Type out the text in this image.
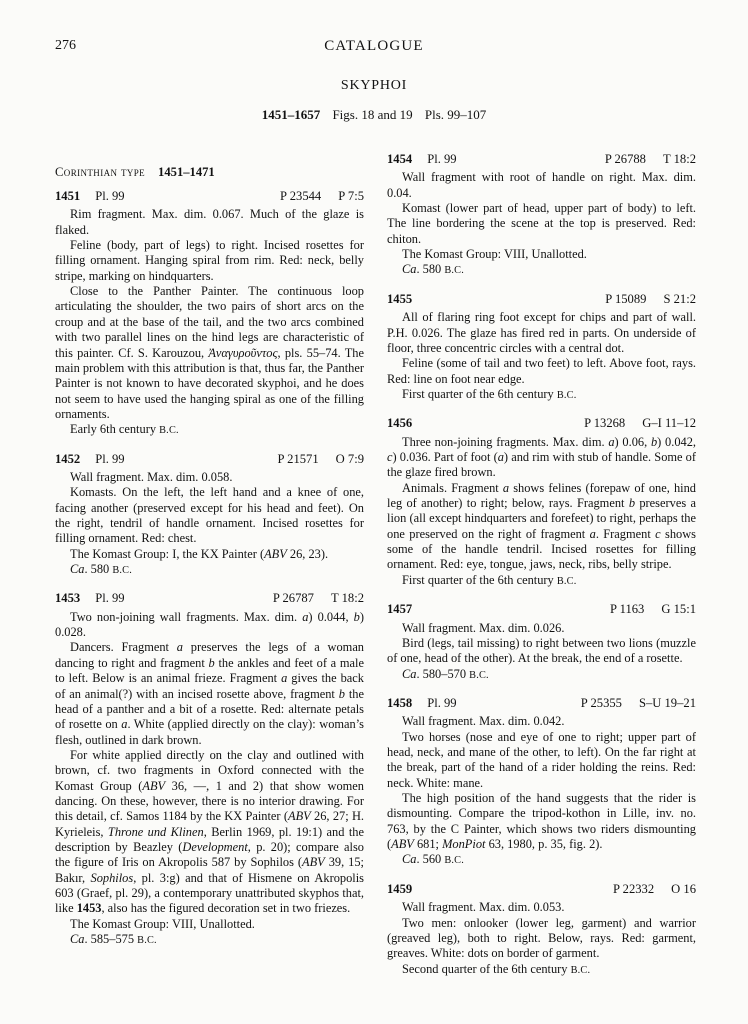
276	CATALOGUE
SKYPHOI
1451–1657 Figs. 18 and 19 Pls. 99–107
Corinthian type 1451–1471
1451 Pl. 99	P 23544 P 7:5

Rim fragment. Max. dim. 0.067. Much of the glaze is flaked.

Feline (body, part of legs) to right. Incised rosettes for filling ornament. Hanging spiral from rim. Red: neck, belly stripe, marking on hindquarters.

Close to the Panther Painter. The continuous loop articulating the shoulder, the two pairs of short arcs on the croup and at the base of the tail, and the two arcs combined with two parallel lines on the hind legs are characteristic of this painter. Cf. S. Karouzou, Ἀναγυροῦντος, pls. 55–74. The main problem with this attribution is that, thus far, the Panther Painter is not known to have decorated skyphoi, and he does not seem to have used the hanging spiral as one of the filling ornaments.

Early 6th century B.C.

1452 Pl. 99	P 21571 O 7:9

Wall fragment. Max. dim. 0.058.

Komasts. On the left, the left hand and a knee of one, facing another (preserved except for his head and feet). On the right, tendril of handle ornament. Incised rosettes for filling ornament. Red: chest.

The Komast Group: I, the KX Painter (ABV 26, 23).

Ca. 580 B.C.

1453 Pl. 99	P 26787 T 18:2

Two non-joining wall fragments. Max. dim. a) 0.044, b) 0.028.

Dancers. Fragment a preserves the legs of a woman dancing to right and fragment b the ankles and feet of a male to left. Below is an animal frieze. Fragment a gives the back of an animal(?) with an incised rosette above, fragment b the head of a panther and a bit of a rosette. Red: alternate petals of rosette on a. White (applied directly on the clay): woman’s flesh, outlined in dark brown.

For white applied directly on the clay and outlined with brown, cf. two fragments in Oxford connected with the Komast Group (ABV 36, —, 1 and 2) that show women dancing. On these, however, there is no interior drawing. For this detail, cf. Samos 1184 by the KX Painter (ABV 26, 27; H. Kyrieleis, Throne und Klinen, Berlin 1969, pl. 19:1) and the description by Beazley (Development, p. 20); compare also the figure of Iris on Akropolis 587 by Sophilos (ABV 39, 15; Bakır, Sophilos, pl. 3:g) and that of Hismene on Akropolis 603 (Graef, pl. 29), a contemporary unattributed skyphos that, like 1453, also has the figured decoration set in two friezes.

The Komast Group: VIII, Unallotted.

Ca. 585–575 B.C.

1454 Pl. 99	P 26788 T 18:2

Wall fragment with root of handle on right. Max. dim. 0.04.

Komast (lower part of head, upper part of body) to left. The line bordering the scene at the top is preserved. Red: chiton.

The Komast Group: VIII, Unallotted.

Ca. 580 B.C.

1455	P 15089 S 21:2

All of flaring ring foot except for chips and part of wall. P.H. 0.026. The glaze has fired red in parts. On underside of floor, three concentric circles with a central dot.

Feline (some of tail and two feet) to left. Above foot, rays. Red: line on foot near edge.

First quarter of the 6th century B.C.

1456	P 13268 G–I 11–12

Three non-joining fragments. Max. dim. a) 0.06, b) 0.042, c) 0.036. Part of foot (a) and rim with stub of handle. Some of the glaze fired brown.

Animals. Fragment a shows felines (forepaw of one, hind leg of another) to right; below, rays. Fragment b preserves a lion (all except hindquarters and forefeet) to right, perhaps the one preserved on the right of fragment a. Fragment c shows some of the handle tendril. Incised rosettes for filling ornament. Red: eye, tongue, jaws, neck, ribs, belly stripe.

First quarter of the 6th century B.C.

1457	P 1163 G 15:1

Wall fragment. Max. dim. 0.026.

Bird (legs, tail missing) to right between two lions (muzzle of one, head of the other). At the break, the end of a rosette.

Ca. 580–570 B.C.

1458 Pl. 99	P 25355 S–U 19–21

Wall fragment. Max. dim. 0.042.

Two horses (nose and eye of one to right; upper part of head, neck, and mane of the other, to left). On the far right at the break, part of the hand of a rider holding the reins. Red: neck. White: mane.

The high position of the hand suggests that the rider is dismounting. Compare the tripod-kothon in Lille, inv. no. 763, by the C Painter, which shows two riders dismounting (ABV 681; MonPiot 63, 1980, p. 35, fig. 2).

Ca. 560 B.C.

1459	P 22332 O 16

Wall fragment. Max. dim. 0.053.

Two men: onlooker (lower leg, garment) and warrior (greaved leg), both to right. Below, rays. Red: garment, greaves. White: dots on border of garment.

Second quarter of the 6th century B.C.
